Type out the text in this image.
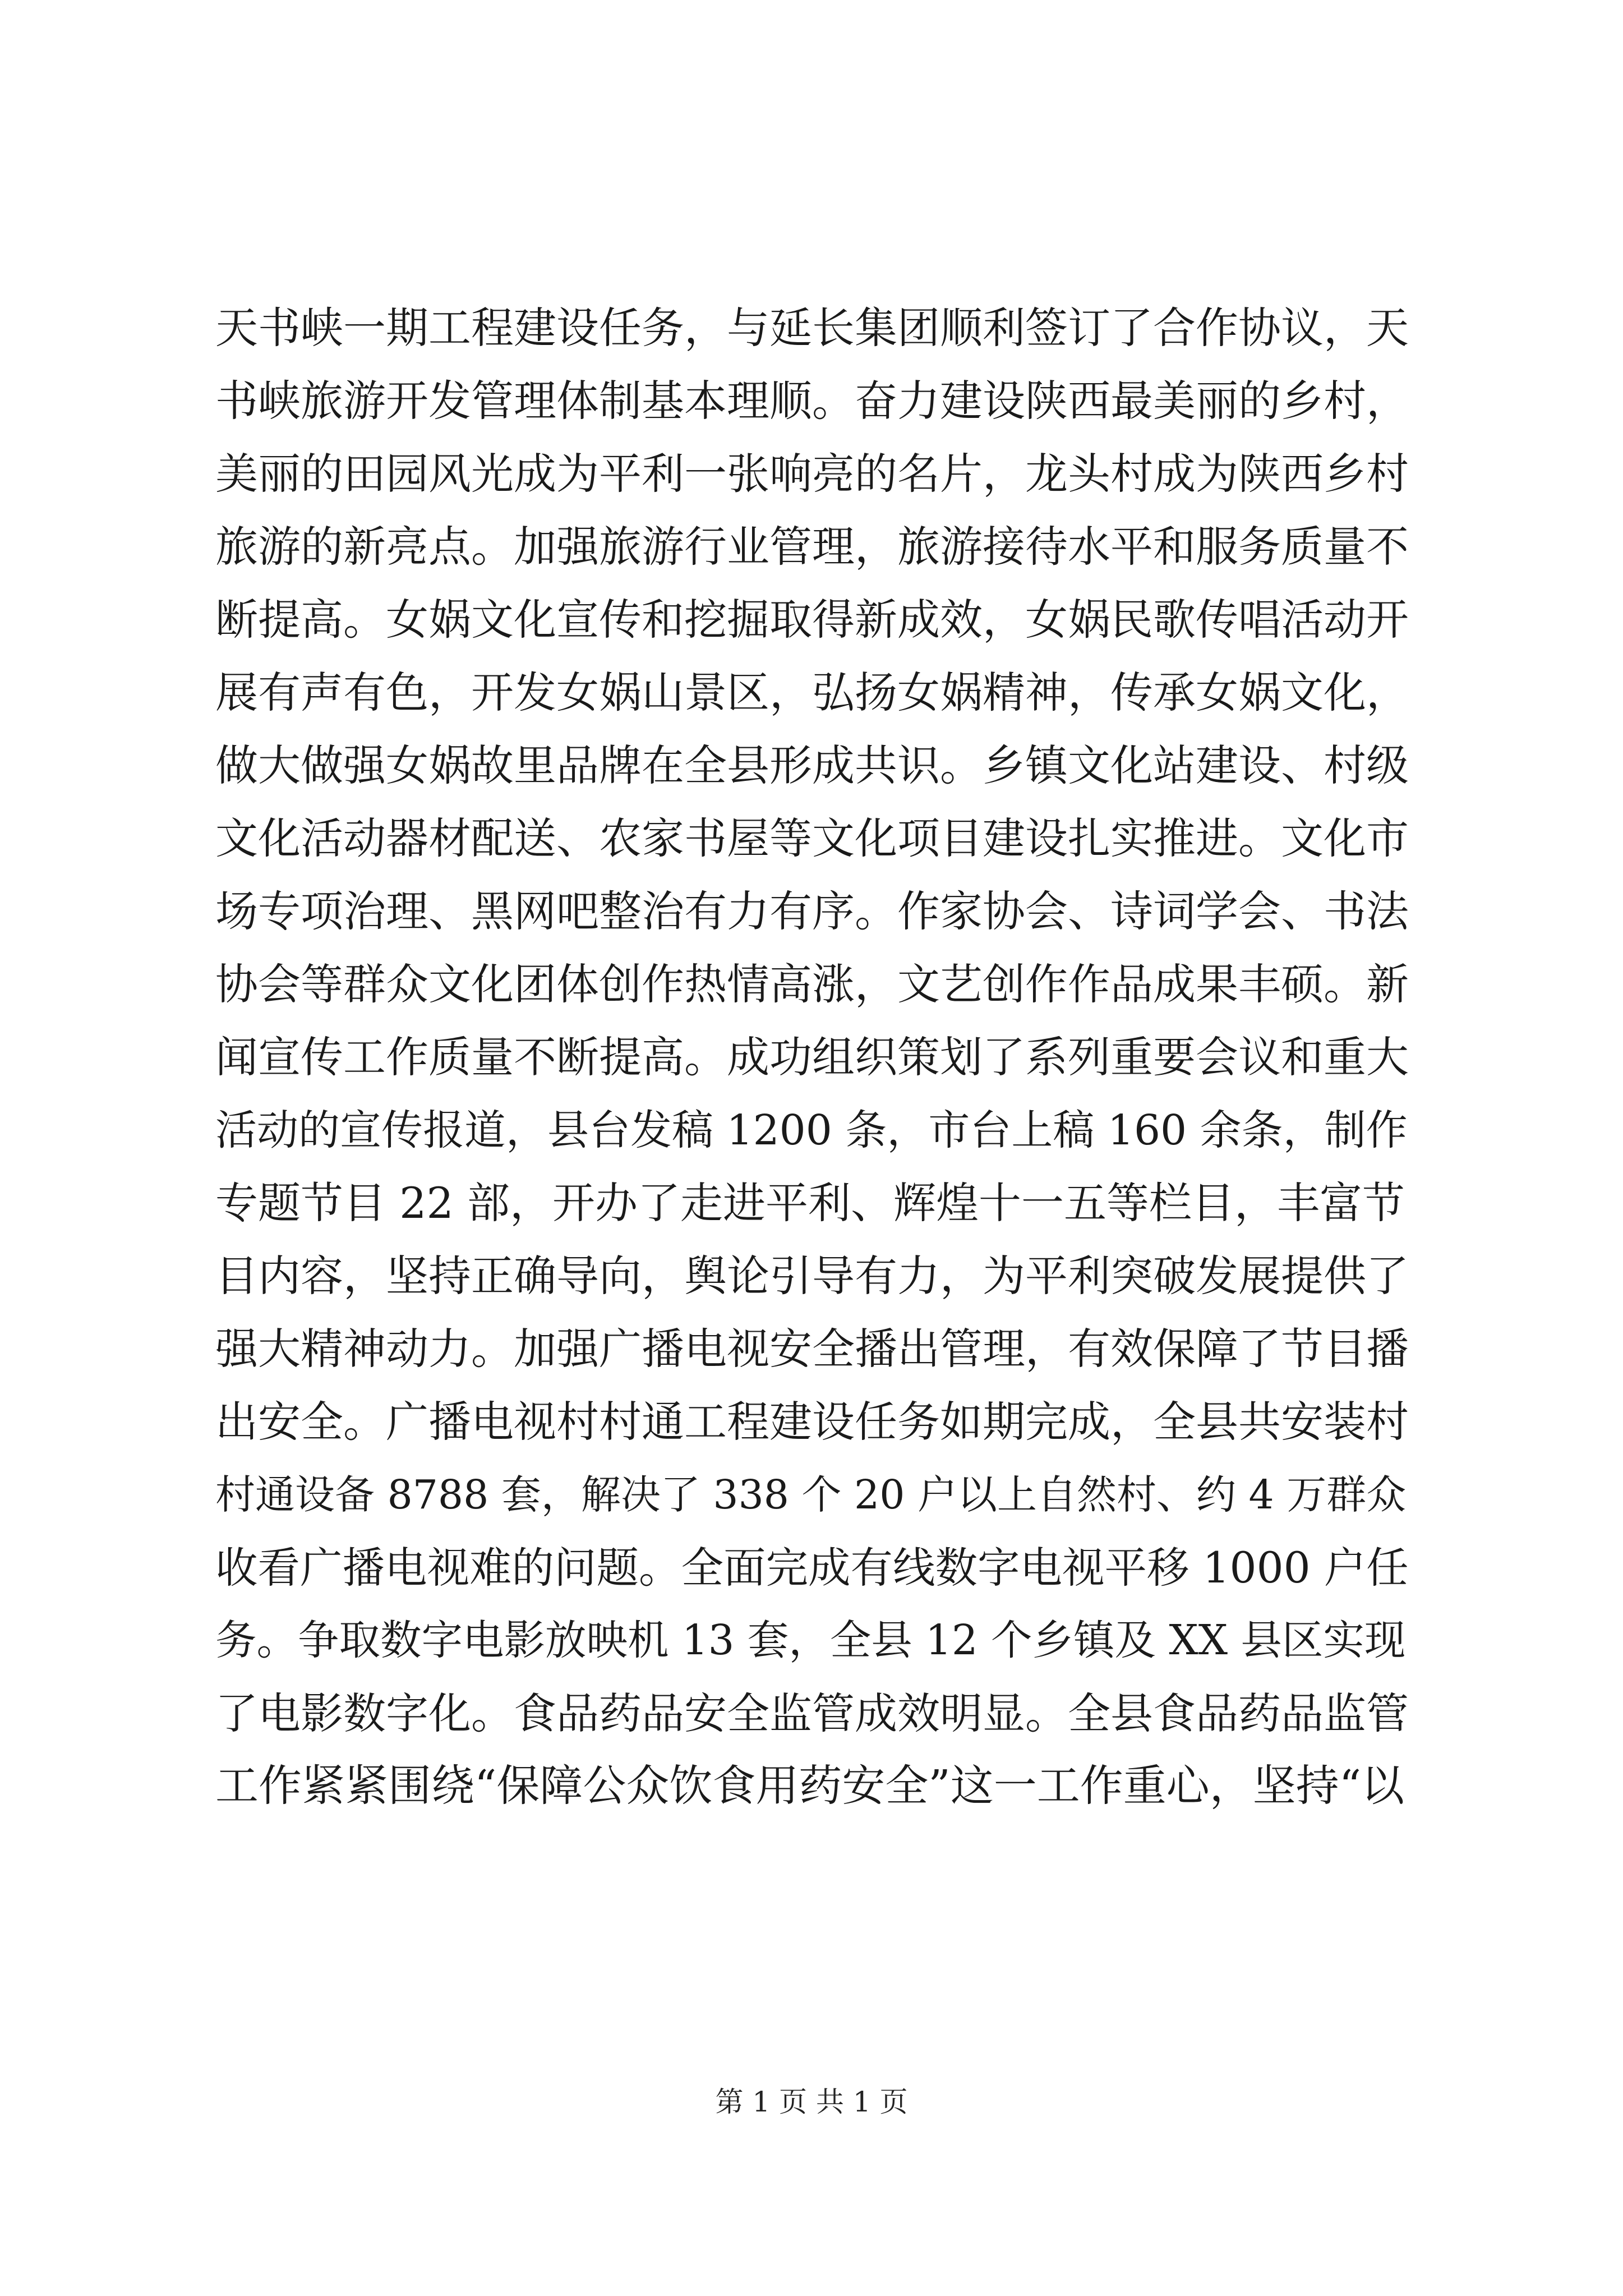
天书峡一期工程建设任务，与延长集团顺利签订了合作协议，天
书峡旅游开发管理体制基本理顺。奋力建设陕西最美丽的乡村，
美丽的田园风光成为平利一张响亮的名片，龙头村成为陕西乡村
旅游的新亮点。加强旅游行业管理，旅游接待水平和服务质量不
断提高。女娲文化宣传和挖掘取得新成效，女娲民歌传唱活动开
展有声有色，开发女娲山景区，弘扬女娲精神，传承女娲文化，
做大做强女娲故里品牌在全县形成共识。乡镇文化站建设、村级
文化活动器材配送、农家书屋等文化项目建设扎实推进。文化市
场专项治理、黑网吧整治有力有序。作家协会、诗词学会、书法
协会等群众文化团体创作热情高涨，文艺创作作品成果丰硕。新
闻宣传工作质量不断提高。成功组织策划了系列重要会议和重大
活动的宣传报道，县台发稿 1200 条，市台上稿 160 余条，制作
专题节目 22 部，开办了走进平利、辉煌十一五等栏目，丰富节
目内容，坚持正确导向，舆论引导有力，为平利突破发展提供了
强大精神动力。加强广播电视安全播出管理，有效保障了节目播
出安全。广播电视村村通工程建设任务如期完成，全县共安装村
村通设备 8788 套，解决了 338 个 20 户以上自然村、约 4 万群众
收看广播电视难的问题。全面完成有线数字电视平移 1000 户任
务。争取数字电影放映机 13 套，全县 12 个乡镇及 XX 县区实现
了电影数字化。食品药品安全监管成效明显。全县食品药品监管
工作紧紧围绕“保障公众饮食用药安全”这一工作重心，坚持“以
第 1 页 共 1 页
